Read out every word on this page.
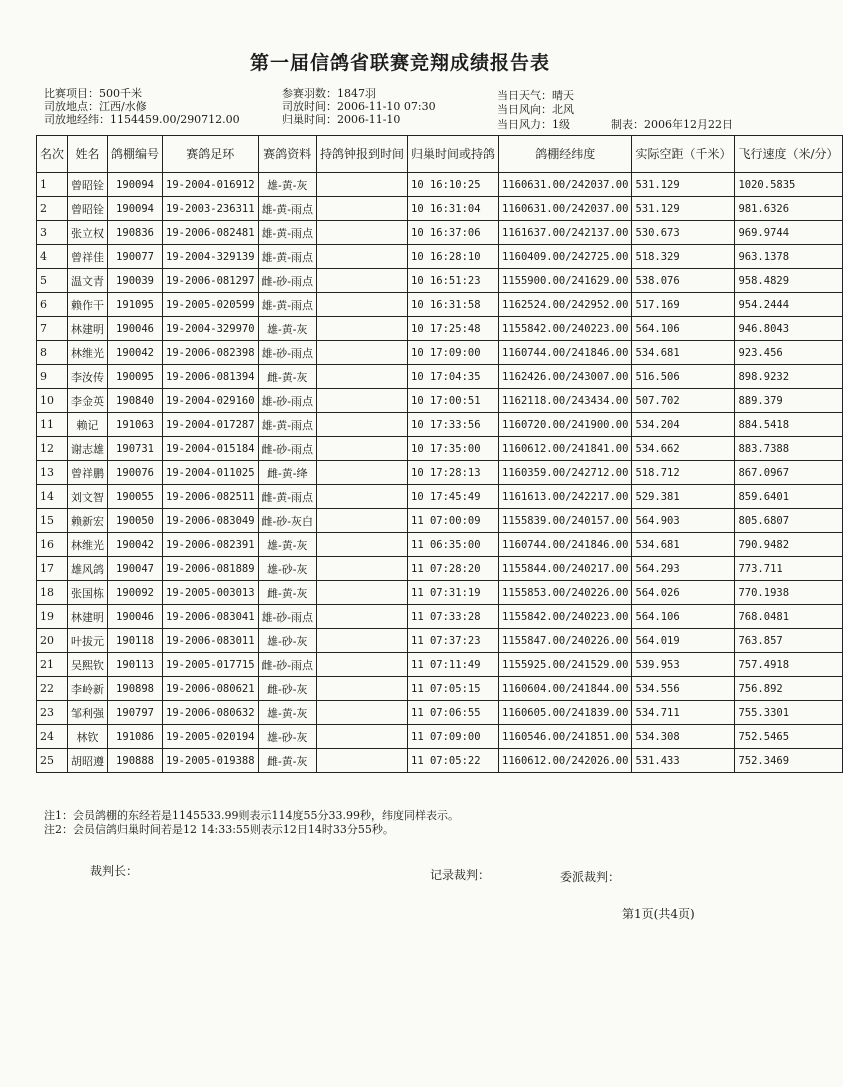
第一届信鸽省联赛竞翔成绩报告表
比赛项目：500千米
司放地点：江西/水修
司放地经纬：1154459.00/290712.00
参赛羽数：1847羽
司放时间：2006-11-10 07:30
归巢时间：2006-11-10
当日天气：晴天
当日风向：北风
当日风力：1级	制表：2006年12月22日
名次	姓名	鸽棚编号	赛鸽足环	赛鸽资料	持鸽钟报到时间	归巢时间或持鸽	鸽棚经纬度	实际空距（千米）	飞行速度（米/分）
1	曾昭铨	190094	19-2004-016912	雄-黄-灰		10 16:10:25	1160631.00/242037.00	531.129	1020.5835
2	曾昭铨	190094	19-2003-236311	雄-黄-雨点		10 16:31:04	1160631.00/242037.00	531.129	981.6326
3	张立权	190836	19-2006-082481	雄-黄-雨点		10 16:37:06	1161637.00/242137.00	530.673	969.9744
4	曾祥佳	190077	19-2004-329139	雄-黄-雨点		10 16:28:10	1160409.00/242725.00	518.329	963.1378
5	温文青	190039	19-2006-081297	雌-砂-雨点		10 16:51:23	1155900.00/241629.00	538.076	958.4829
6	赖作干	191095	19-2005-020599	雄-黄-雨点		10 16:31:58	1162524.00/242952.00	517.169	954.2444
7	林建明	190046	19-2004-329970	雄-黄-灰		10 17:25:48	1155842.00/240223.00	564.106	946.8043
8	林维光	190042	19-2006-082398	雄-砂-雨点		10 17:09:00	1160744.00/241846.00	534.681	923.456
9	李汝传	190095	19-2006-081394	雌-黄-灰		10 17:04:35	1162426.00/243007.00	516.506	898.9232
10	李金英	190840	19-2004-029160	雄-砂-雨点		10 17:00:51	1162118.00/243434.00	507.702	889.379
11	赖记	191063	19-2004-017287	雄-黄-雨点		10 17:33:56	1160720.00/241900.00	534.204	884.5418
12	谢志雄	190731	19-2004-015184	雌-砂-雨点		10 17:35:00	1160612.00/241841.00	534.662	883.7388
13	曾祥鹏	190076	19-2004-011025	雌-黄-绛		10 17:28:13	1160359.00/242712.00	518.712	867.0967
14	刘文智	190055	19-2006-082511	雌-黄-雨点		10 17:45:49	1161613.00/242217.00	529.381	859.6401
15	赖新宏	190050	19-2006-083049	雌-砂-灰白		11 07:00:09	1155839.00/240157.00	564.903	805.6807
16	林维光	190042	19-2006-082391	雄-黄-灰		11 06:35:00	1160744.00/241846.00	534.681	790.9482
17	雄风鸽	190047	19-2006-081889	雄-砂-灰		11 07:28:20	1155844.00/240217.00	564.293	773.711
18	张国栋	190092	19-2005-003013	雌-黄-灰		11 07:31:19	1155853.00/240226.00	564.026	770.1938
19	林建明	190046	19-2006-083041	雄-砂-雨点		11 07:33:28	1155842.00/240223.00	564.106	768.0481
20	叶拔元	190118	19-2006-083011	雄-砂-灰		11 07:37:23	1155847.00/240226.00	564.019	763.857
21	吴熙钦	190113	19-2005-017715	雌-砂-雨点		11 07:11:49	1155925.00/241529.00	539.953	757.4918
22	李岭新	190898	19-2006-080621	雌-砂-灰		11 07:05:15	1160604.00/241844.00	534.556	756.892
23	邹利强	190797	19-2006-080632	雄-黄-灰		11 07:06:55	1160605.00/241839.00	534.711	755.3301
24	林钦	191086	19-2005-020194	雄-砂-灰		11 07:09:00	1160546.00/241851.00	534.308	752.5465
25	胡昭遵	190888	19-2005-019388	雌-黄-灰		11 07:05:22	1160612.00/242026.00	531.433	752.3469
注1：会员鸽棚的东经若是1145533.99则表示114度55分33.99秒，纬度同样表示。
注2：会员信鸽归巢时间若是12 14:33:55则表示12日14时33分55秒。
裁判长：	记录裁判：	委派裁判：
第1页(共4页)
